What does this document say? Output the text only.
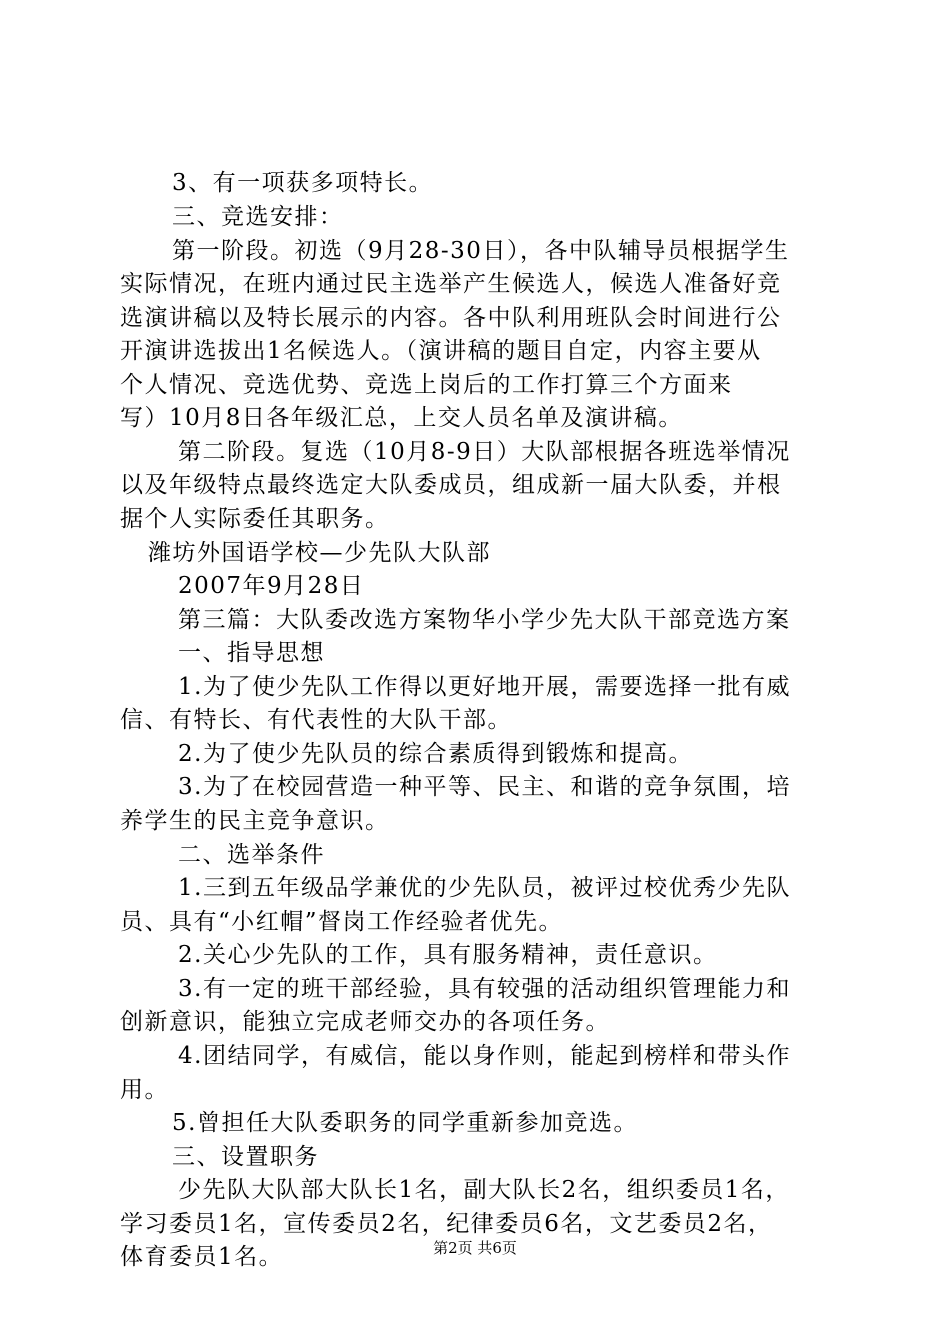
3、有一项获多项特长。
三、竞选安排：
第一阶段。初选（9月28-30日），各中队辅导员根据学生
实际情况，在班内通过民主选举产生候选人，候选人准备好竞
选演讲稿以及特长展示的内容。各中队利用班队会时间进行公
开演讲选拔出1名候选人。（演讲稿的题目自定，内容主要从
个人情况、竞选优势、竞选上岗后的工作打算三个方面来
写）10月8日各年级汇总，上交人员名单及演讲稿。
第二阶段。复选（10月8-9日）大队部根据各班选举情况
以及年级特点最终选定大队委成员，组成新一届大队委，并根
据个人实际委任其职务。
潍坊外国语学校—少先队大队部
2007年9月28日
第三篇：大队委改选方案物华小学少先大队干部竞选方案
一、指导思想
1.为了使少先队工作得以更好地开展，需要选择一批有威
信、有特长、有代表性的大队干部。
2.为了使少先队员的综合素质得到锻炼和提高。
3.为了在校园营造一种平等、民主、和谐的竞争氛围，培
养学生的民主竞争意识。
二、选举条件
1.三到五年级品学兼优的少先队员，被评过校优秀少先队
员、具有“小红帽”督岗工作经验者优先。
2.关心少先队的工作，具有服务精神，责任意识。
3.有一定的班干部经验，具有较强的活动组织管理能力和
创新意识，能独立完成老师交办的各项任务。
4.团结同学，有威信，能以身作则，能起到榜样和带头作
用。
5.曾担任大队委职务的同学重新参加竞选。
三、设置职务
少先队大队部大队长1名，副大队长2名，组织委员1名，
学习委员1名，宣传委员2名，纪律委员6名，文艺委员2名，
体育委员1名。	第2页 共6页
